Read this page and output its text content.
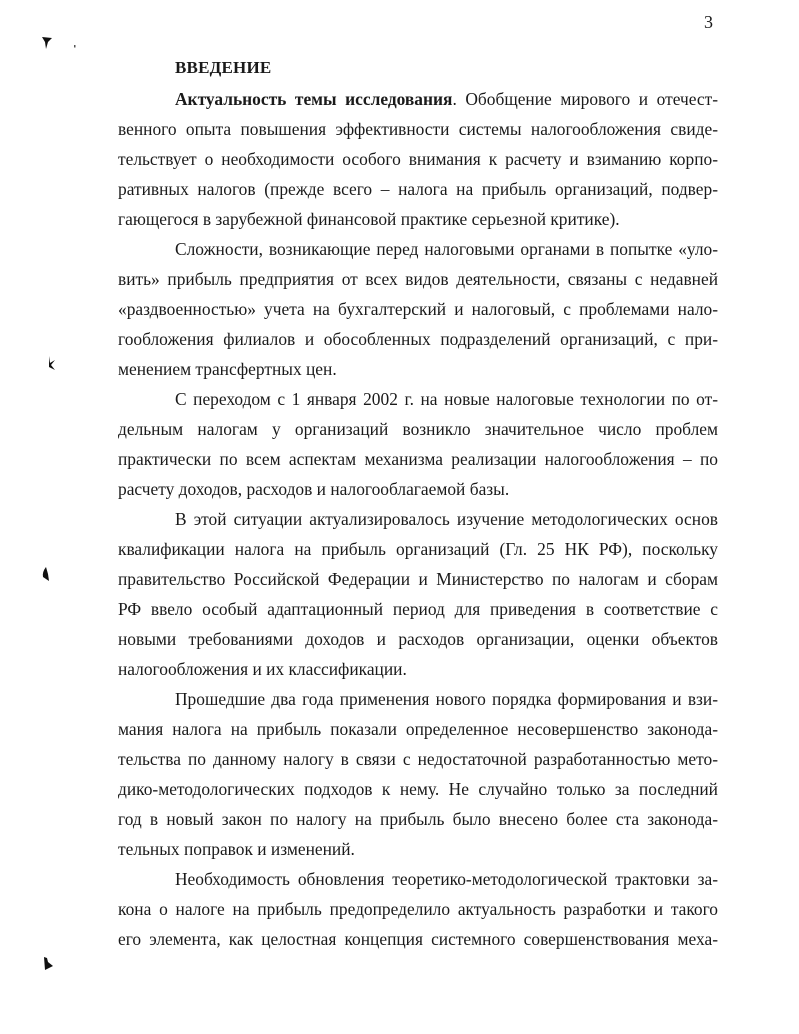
3
ВВЕДЕНИЕ
Актуальность темы исследования. Обобщение мирового и отечест-
венного опыта повышения эффективности системы налогообложения свиде-
тельствует о необходимости особого внимания к расчету и взиманию корпо-
ративных налогов (прежде всего – налога на прибыль организаций, подвер-
гающегося в зарубежной финансовой практике серьезной критике).
Сложности, возникающие перед налоговыми органами в попытке «уло-
вить» прибыль предприятия от всех видов деятельности, связаны с недавней
«раздвоенностью» учета на бухгалтерский и налоговый, с проблемами нало-
гообложения филиалов и обособленных подразделений организаций, с при-
менением трансфертных цен.
С переходом с 1 января 2002 г. на новые налоговые технологии по от-
дельным налогам у организаций возникло значительное число проблем
практически по всем аспектам механизма реализации налогообложения – по
расчету доходов, расходов и налогооблагаемой базы.
В этой ситуации актуализировалось изучение методологических основ
квалификации налога на прибыль организаций (Гл. 25 НК РФ), поскольку
правительство Российской Федерации и Министерство по налогам и сборам
РФ ввело особый адаптационный период для приведения в соответствие с
новыми требованиями доходов и расходов организации, оценки объектов
налогообложения и их классификации.
Прошедшие два года применения нового порядка формирования и взи-
мания налога на прибыль показали определенное несовершенство законода-
тельства по данному налогу в связи с недостаточной разработанностью мето-
дико-методологических подходов к нему. Не случайно только за последний
год в новый закон по налогу на прибыль было внесено более ста законода-
тельных поправок и изменений.
Необходимость обновления теоретико-методологической трактовки за-
кона о налоге на прибыль предопределило актуальность разработки и такого
его элемента, как целостная концепция системного совершенствования меха-
